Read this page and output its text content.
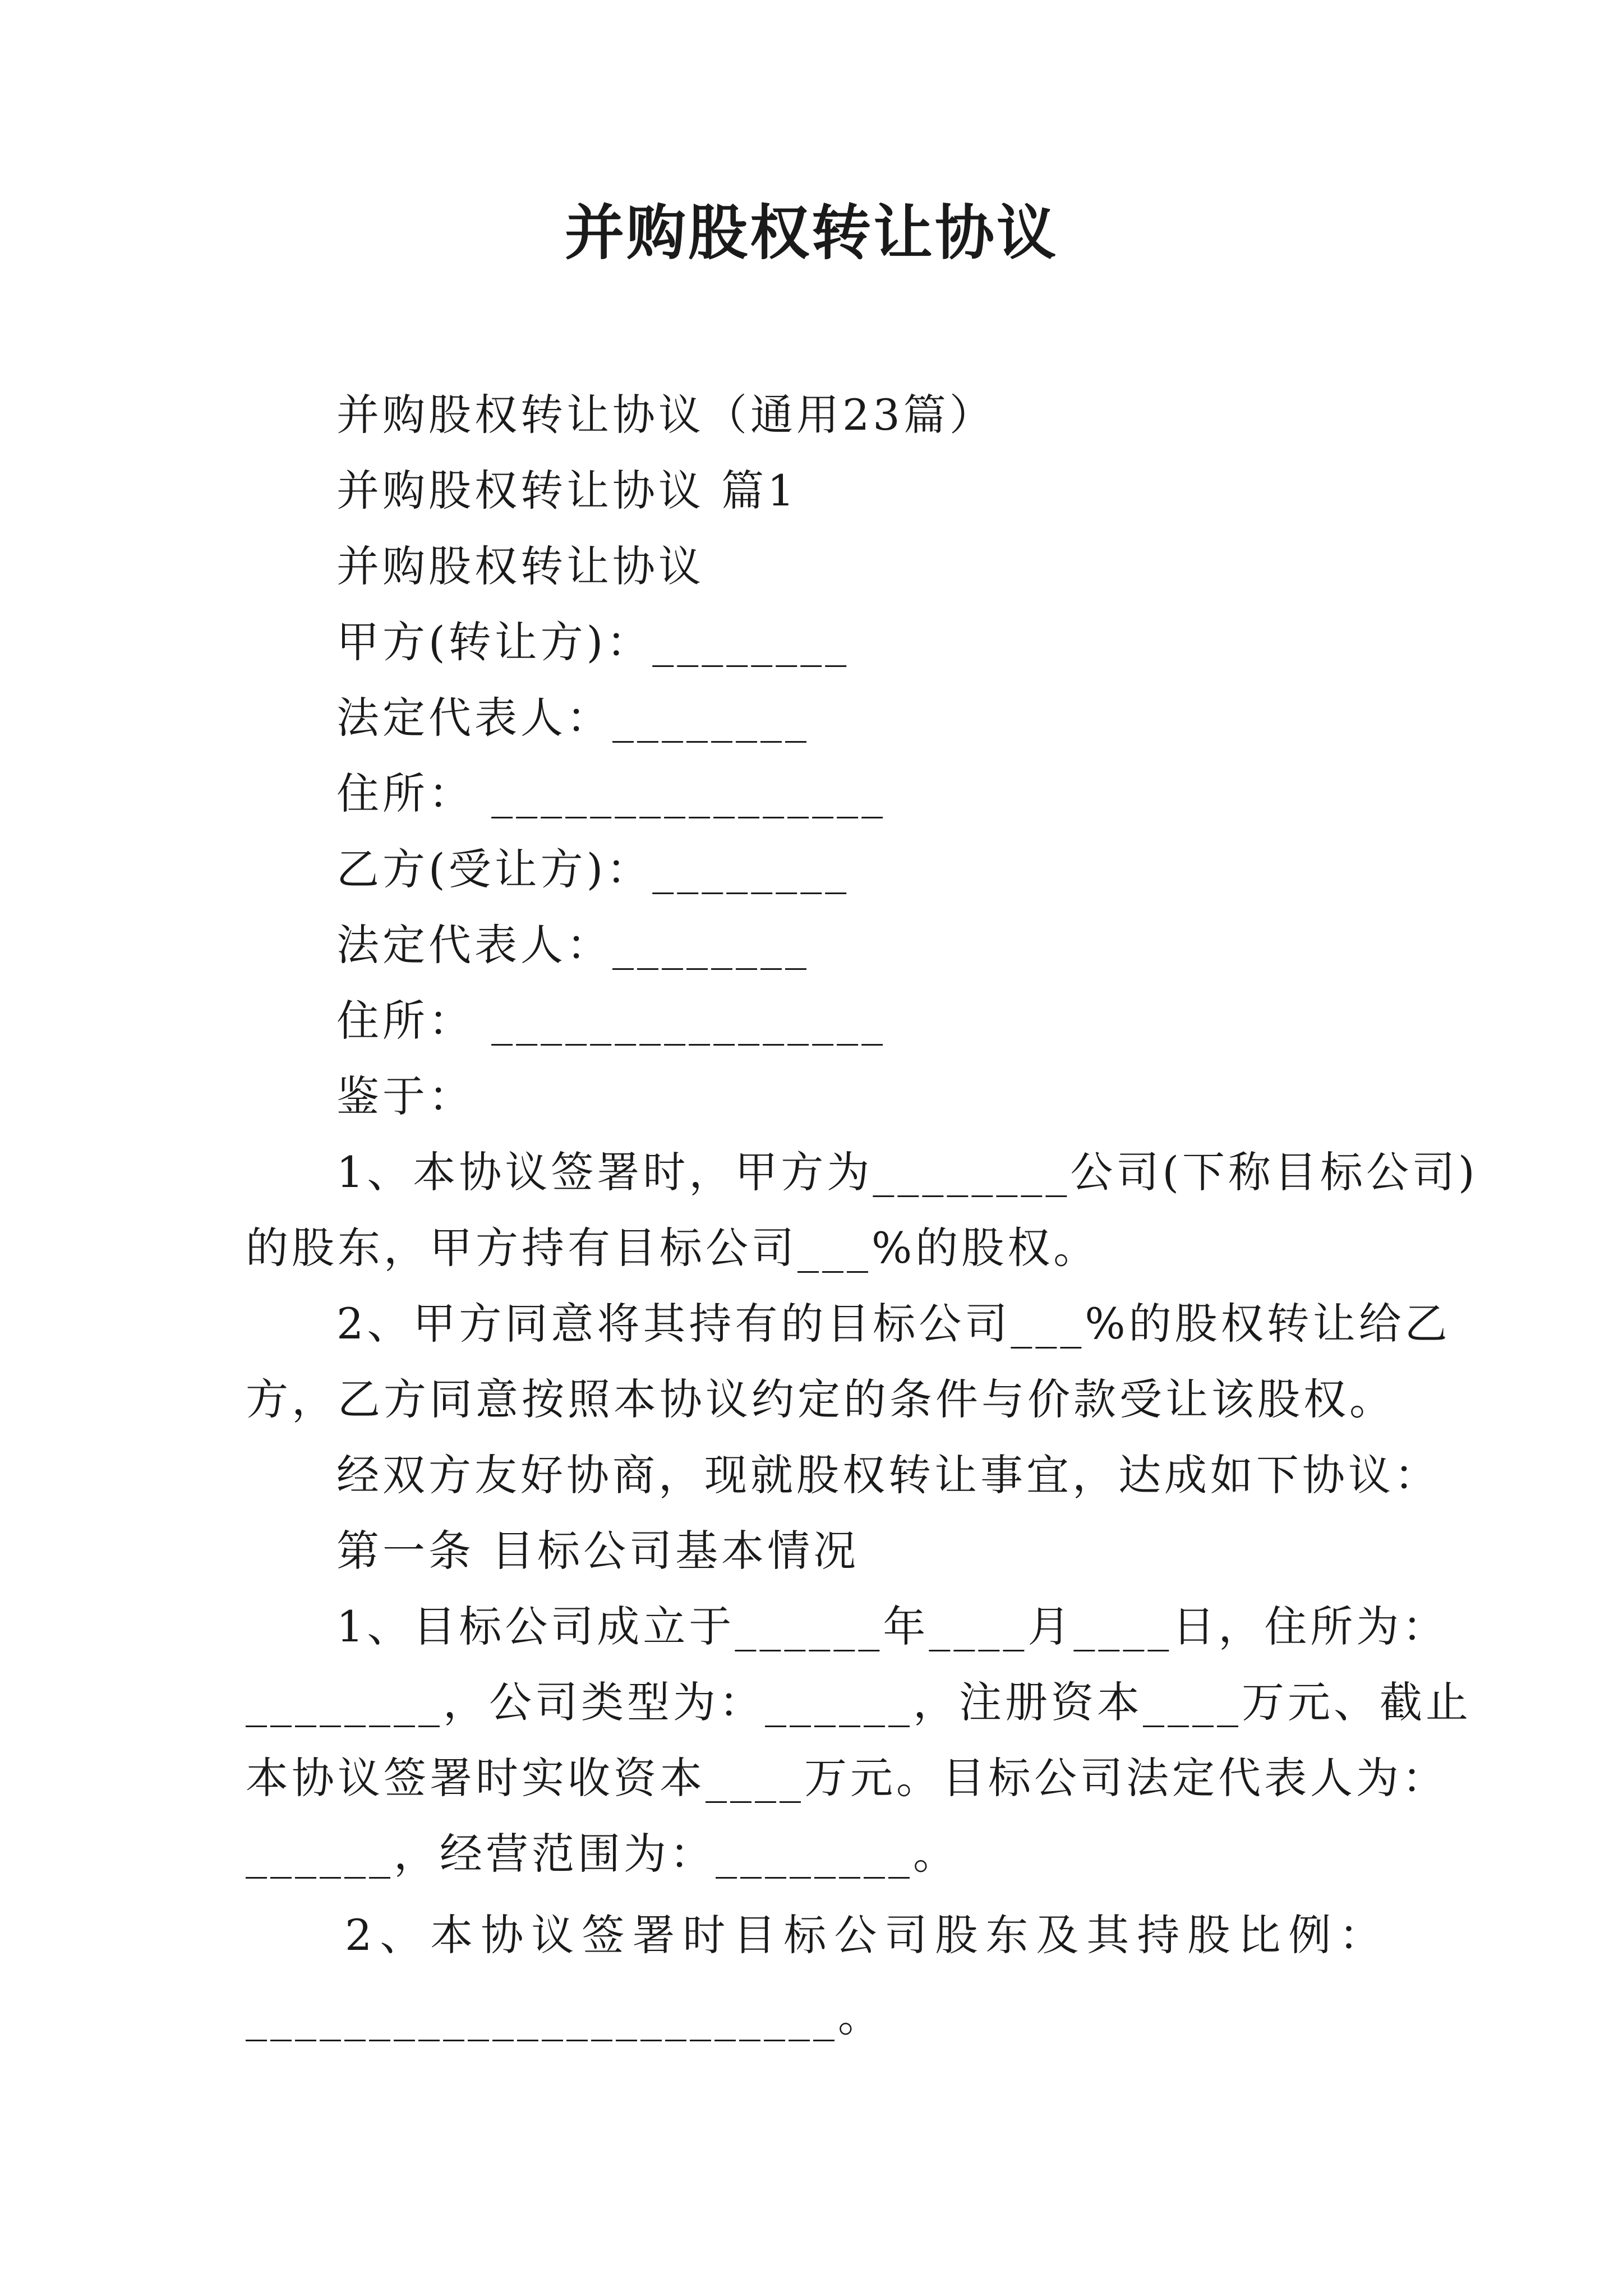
并购股权转让协议
并购股权转让协议（通用23篇）
并购股权转让协议 篇1
并购股权转让协议
甲方(转让方)：________
法定代表人：________
住所： ________________
乙方(受让方)：________
法定代表人：________
住所： ________________
鉴于：
1、本协议签署时，甲方为________公司(下称目标公司)
的股东，甲方持有目标公司___%的股权。
2、甲方同意将其持有的目标公司___%的股权转让给乙
方，乙方同意按照本协议约定的条件与价款受让该股权。
经双方友好协商，现就股权转让事宜，达成如下协议：
第一条 目标公司基本情况
1、目标公司成立于______年____月____日，住所为：
________，公司类型为：______，注册资本____万元、截止
本协议签署时实收资本____万元。目标公司法定代表人为：
______，经营范围为：________。
2、本协议签署时目标公司股东及其持股比例：
________________________。
